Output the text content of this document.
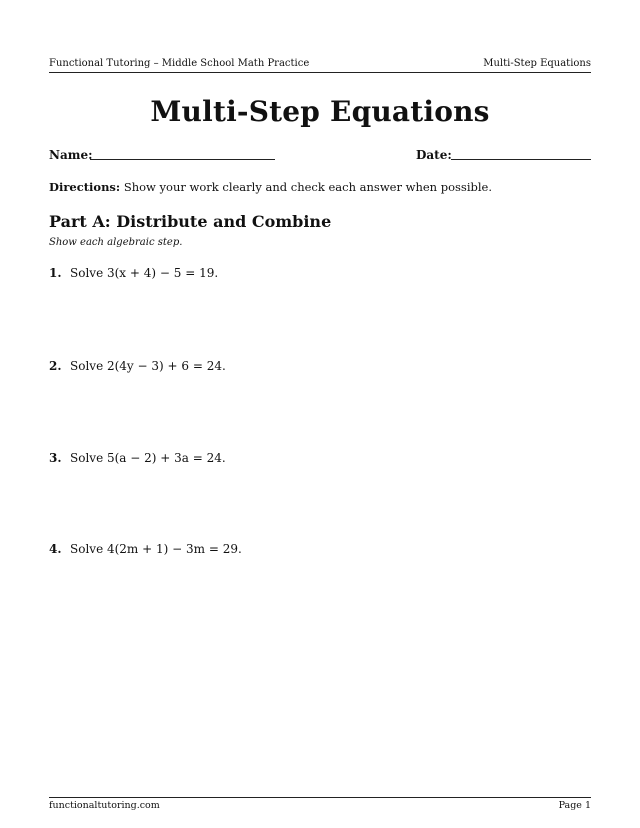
Functional Tutoring – Middle School Math Practice	Multi-Step Equations
Multi-Step Equations
Name:	Date:
Directions: Show your work clearly and check each answer when possible.
Part A: Distribute and Combine
Show each algebraic step.
1. Solve 3(x + 4) − 5 = 19.
2. Solve 2(4y − 3) + 6 = 24.
3. Solve 5(a − 2) + 3a = 24.
4. Solve 4(2m + 1) − 3m = 29.
functionaltutoring.com	Page 1
